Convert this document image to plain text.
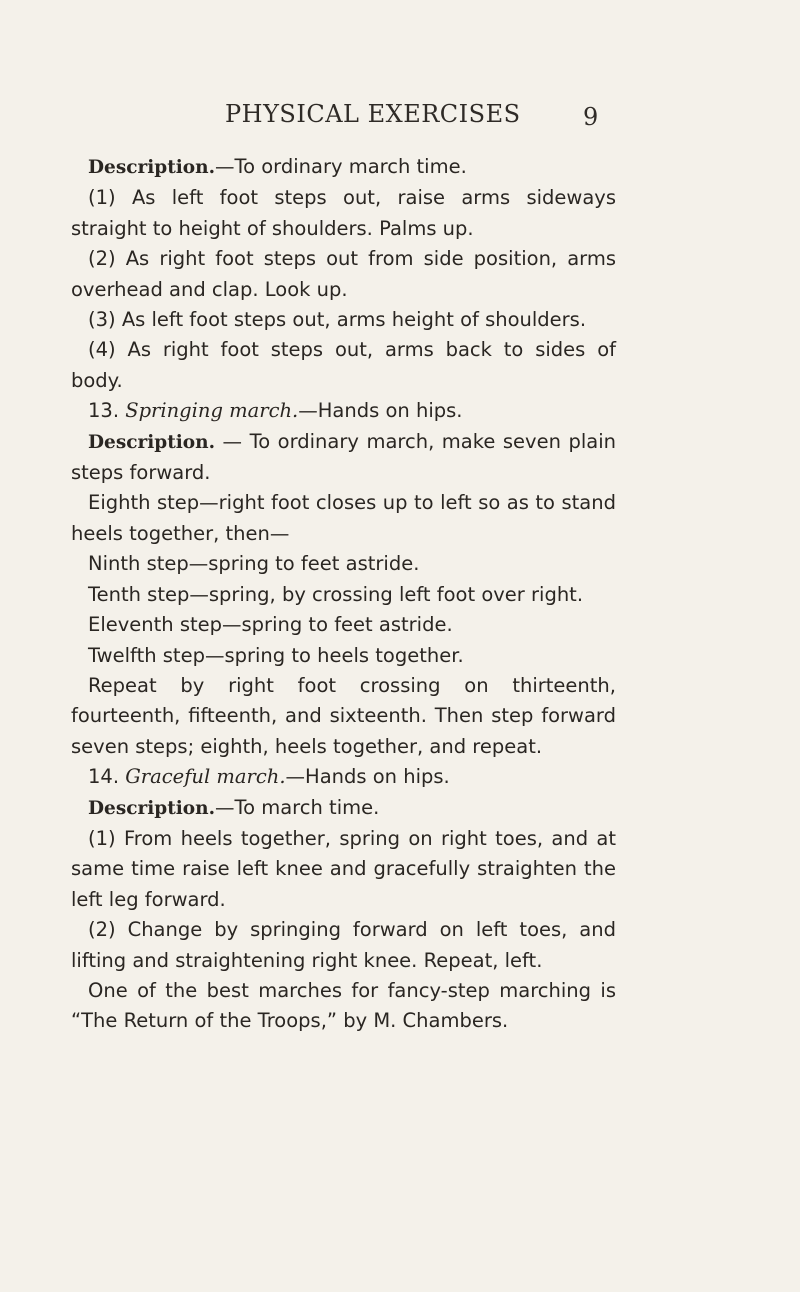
PHYSICAL EXERCISES	9

Description.—To ordinary march time.

(1) As left foot steps out, raise arms sideways straight to height of shoulders. Palms up.

(2) As right foot steps out from side position, arms overhead and clap. Look up.

(3) As left foot steps out, arms height of shoulders.

(4) As right foot steps out, arms back to sides of body.

13. Springing march.—Hands on hips.

Description. — To ordinary march, make seven plain steps forward.

Eighth step—right foot closes up to left so as to stand heels together, then—

Ninth step—spring to feet astride.

Tenth step—spring, by crossing left foot over right.

Eleventh step—spring to feet astride.

Twelfth step—spring to heels together.

Repeat by right foot crossing on thirteenth, fourteenth, fifteenth, and sixteenth. Then step forward seven steps; eighth, heels together, and repeat.

14. Graceful march.—Hands on hips.

Description.—To march time.

(1) From heels together, spring on right toes, and at same time raise left knee and gracefully straighten the left leg forward.

(2) Change by springing forward on left toes, and lifting and straightening right knee. Repeat, left.

One of the best marches for fancy-step marching is “The Return of the Troops,” by M. Chambers.
